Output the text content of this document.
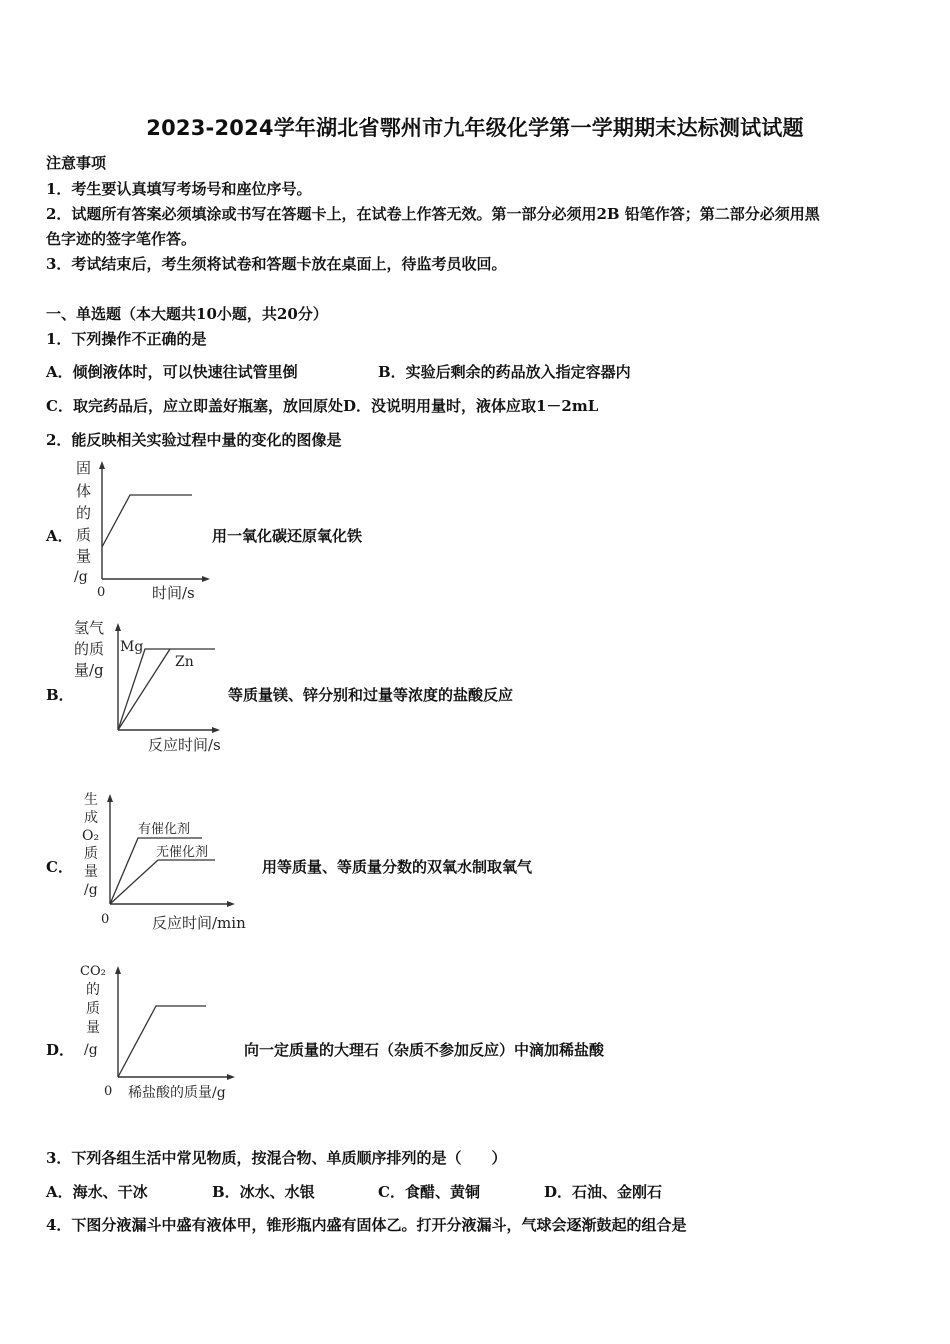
2023-2024学年湖北省鄂州市九年级化学第一学期期末达标测试试题
注意事项
1．考生要认真填写考场号和座位序号。
2．试题所有答案必须填涂或书写在答题卡上，在试卷上作答无效。第一部分必须用2B 铅笔作答；第二部分必须用黑
色字迹的签字笔作答。
3．考试结束后，考生须将试卷和答题卡放在桌面上，待监考员收回。
一、单选题（本大题共10小题，共20分）
1．下列操作不正确的是
A．倾倒液体时，可以快速往试管里倒	B．实验后剩余的药品放入指定容器内
C．取完药品后，应立即盖好瓶塞，放回原处D．没说明用量时，液体应取1－2mL
2．能反映相关实验过程中量的变化的图像是
A．
固
体
的
质
量
/g
0	时间/s
用一氧化碳还原氧化铁
B．
氢气
的质
量/g
Mg
Zn
反应时间/s
等质量镁、锌分别和过量等浓度的盐酸反应
C．
生
成
O₂
质
量
/g
有催化剂
无催化剂
0	反应时间/min
用等质量、等质量分数的双氧水制取氧气
D．
CO₂
的
质
量
/g
0 稀盐酸的质量/g
向一定质量的大理石（杂质不参加反应）中滴加稀盐酸
3．下列各组生活中常见物质，按混合物、单质顺序排列的是（　　）
A．海水、干冰	B．冰水、水银	C．食醋、黄铜	D．石油、金刚石
4．下图分液漏斗中盛有液体甲，锥形瓶内盛有固体乙。打开分液漏斗，气球会逐渐鼓起的组合是
